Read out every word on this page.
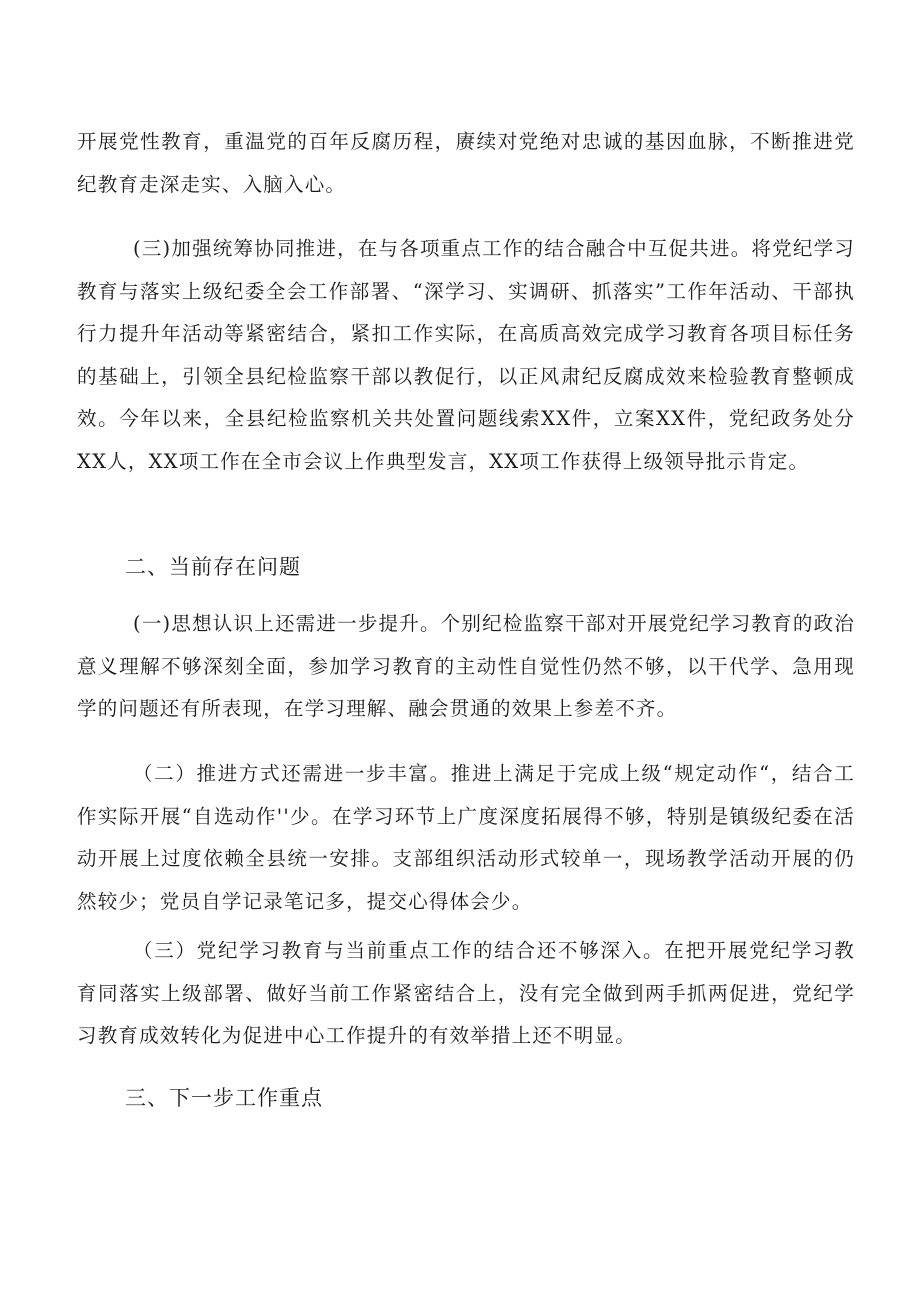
开展党性教育，重温党的百年反腐历程，赓续对党绝对忠诚的基因血脉，不断推进党纪教育走深走实、入脑入心。

(三)加强统筹协同推进，在与各项重点工作的结合融合中互促共进。将党纪学习教育与落实上级纪委全会工作部署、“深学习、实调研、抓落实”工作年活动、干部执行力提升年活动等紧密结合，紧扣工作实际，在高质高效完成学习教育各项目标任务的基础上，引领全县纪检监察干部以教促行，以正风肃纪反腐成效来检验教育整顿成效。今年以来，全县纪检监察机关共处置问题线索XX件，立案XX件，党纪政务处分XX人，XX项工作在全市会议上作典型发言，XX项工作获得上级领导批示肯定。

二、当前存在问题

(一)思想认识上还需进一步提升。个别纪检监察干部对开展党纪学习教育的政治意义理解不够深刻全面，参加学习教育的主动性自觉性仍然不够，以干代学、急用现学的问题还有所表现，在学习理解、融会贯通的效果上参差不齐。

（二）推进方式还需进一步丰富。推进上满足于完成上级“规定动作“，结合工作实际开展“自选动作''少。在学习环节上广度深度拓展得不够，特别是镇级纪委在活动开展上过度依赖全县统一安排。支部组织活动形式较单一，现场教学活动开展的仍然较少；党员自学记录笔记多，提交心得体会少。

（三）党纪学习教育与当前重点工作的结合还不够深入。在把开展党纪学习教育同落实上级部署、做好当前工作紧密结合上，没有完全做到两手抓两促进，党纪学习教育成效转化为促进中心工作提升的有效举措上还不明显。

三、下一步工作重点
